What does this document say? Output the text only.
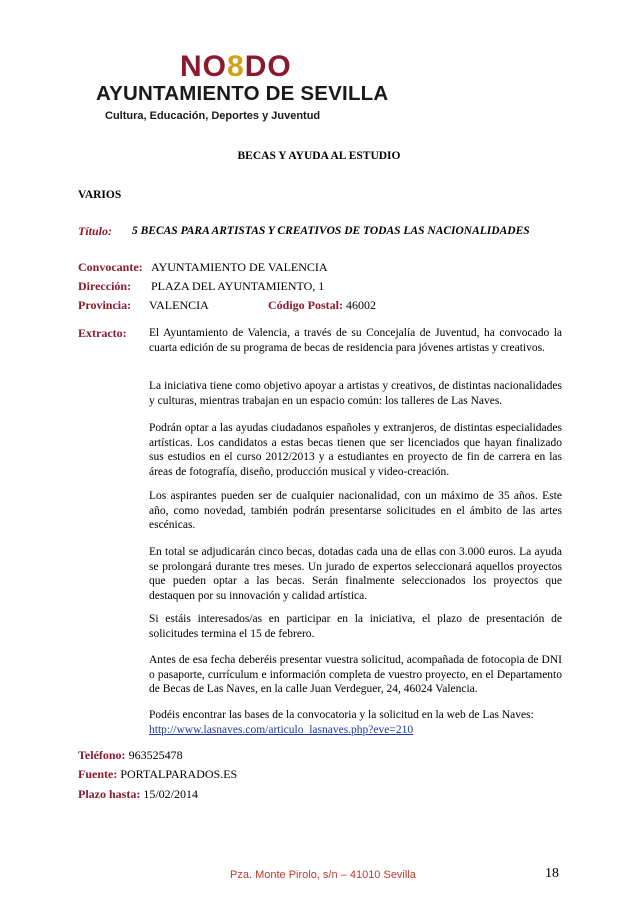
NO8DO
AYUNTAMIENTO DE SEVILLA
Cultura, Educación, Deportes y Juventud
BECAS Y AYUDA AL ESTUDIO
VARIOS
Título: 5 BECAS PARA ARTISTAS Y CREATIVOS DE TODAS LAS NACIONALIDADES
Convocante: AYUNTAMIENTO DE VALENCIA
Dirección: PLAZA DEL AYUNTAMIENTO, 1
Provincia: VALENCIA	Código Postal: 46002
Extracto: El Ayuntamiento de Valencia, a través de su Concejalía de Juventud, ha convocado la cuarta edición de su programa de becas de residencia para jóvenes artistas y creativos.
La iniciativa tiene como objetivo apoyar a artistas y creativos, de distintas nacionalidades y culturas, mientras trabajan en un espacio común: los talleres de Las Naves.
Podrán optar a las ayudas ciudadanos españoles y extranjeros, de distintas especialidades artísticas. Los candidatos a estas becas tienen que ser licenciados que hayan finalizado sus estudios en el curso 2012/2013 y a estudiantes en proyecto de fin de carrera en las áreas de fotografía, diseño, producción musical y video-creación.
Los aspirantes pueden ser de cualquier nacionalidad, con un máximo de 35 años. Este año, como novedad, también podrán presentarse solicitudes en el ámbito de las artes escénicas.
En total se adjudicarán cinco becas, dotadas cada una de ellas con 3.000 euros. La ayuda se prolongará durante tres meses. Un jurado de expertos seleccionará aquellos proyectos que pueden optar a las becas. Serán finalmente seleccionados los proyectos que destaquen por su innovación y calidad artística.
Si estáis interesados/as en participar en la iniciativa, el plazo de presentación de solicitudes termina el 15 de febrero.
Antes de esa fecha deberéis presentar vuestra solicitud, acompañada de fotocopia de DNI o pasaporte, currículum e información completa de vuestro proyecto, en el Departamento de Becas de Las Naves, en la calle Juan Verdeguer, 24, 46024 Valencia.
Podéis encontrar las bases de la convocatoria y la solicitud en la web de Las Naves:
http://www.lasnaves.com/articulo_lasnaves.php?eve=210
Teléfono: 963525478
Fuente: PORTALPARADOS.ES
Plazo hasta: 15/02/2014
Pza. Monte Pirolo, s/n – 41010 Sevilla	18
